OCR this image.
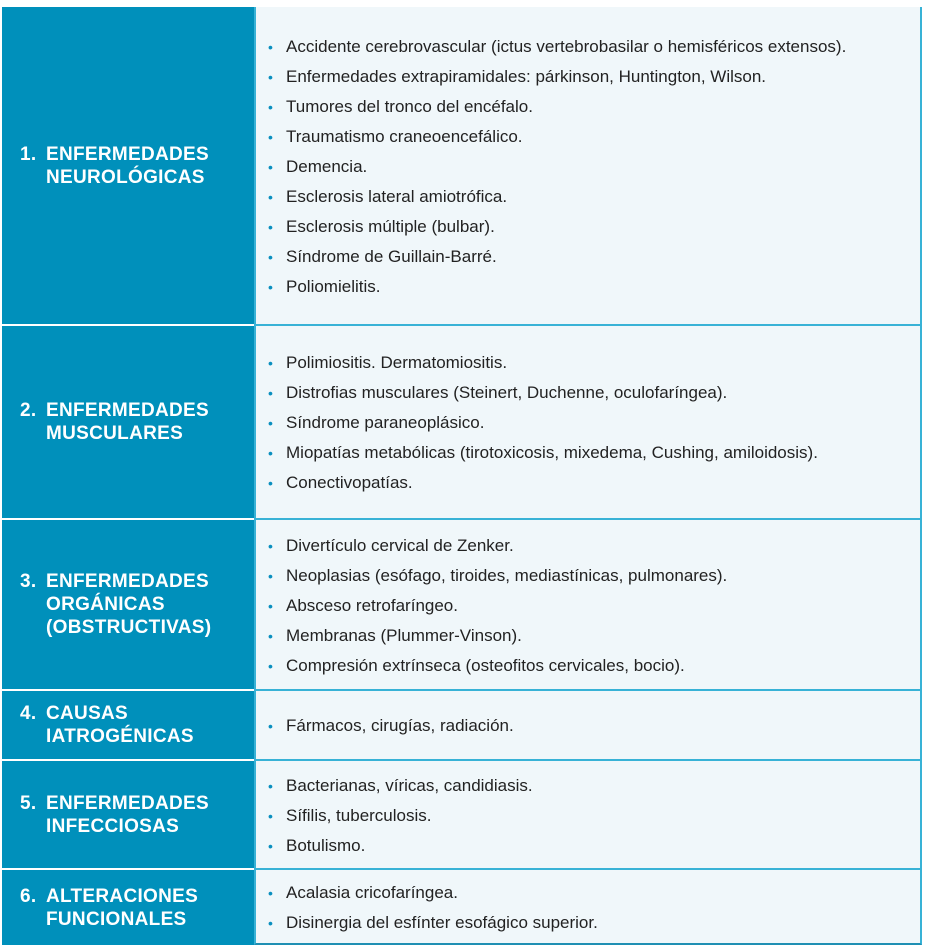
1. ENFERMEDADES NEUROLÓGICAS
• Accidente cerebrovascular (ictus vertebrobasilar o hemisféricos extensos).
• Enfermedades extrapiramidales: párkinson, Huntington, Wilson.
• Tumores del tronco del encéfalo.
• Traumatismo craneoencefálico.
• Demencia.
• Esclerosis lateral amiotrófica.
• Esclerosis múltiple (bulbar).
• Síndrome de Guillain-Barré.
• Poliomielitis.
2. ENFERMEDADES MUSCULARES
• Polimiositis. Dermatomiositis.
• Distrofias musculares (Steinert, Duchenne, oculofaríngea).
• Síndrome paraneoplásico.
• Miopatías metabólicas (tirotoxicosis, mixedema, Cushing, amiloidosis).
• Conectivopatías.
3. ENFERMEDADES ORGÁNICAS (OBSTRUCTIVAS)
• Divertículo cervical de Zenker.
• Neoplasias (esófago, tiroides, mediastínicas, pulmonares).
• Absceso retrofaríngeo.
• Membranas (Plummer-Vinson).
• Compresión extrínseca (osteofitos cervicales, bocio).
4. CAUSAS IATROGÉNICAS	• Fármacos, cirugías, radiación.
5. ENFERMEDADES INFECCIOSAS
• Bacterianas, víricas, candidiasis.
• Sífilis, tuberculosis.
• Botulismo.
6. ALTERACIONES FUNCIONALES
• Acalasia cricofaríngea.
• Disinergia del esfínter esofágico superior.
